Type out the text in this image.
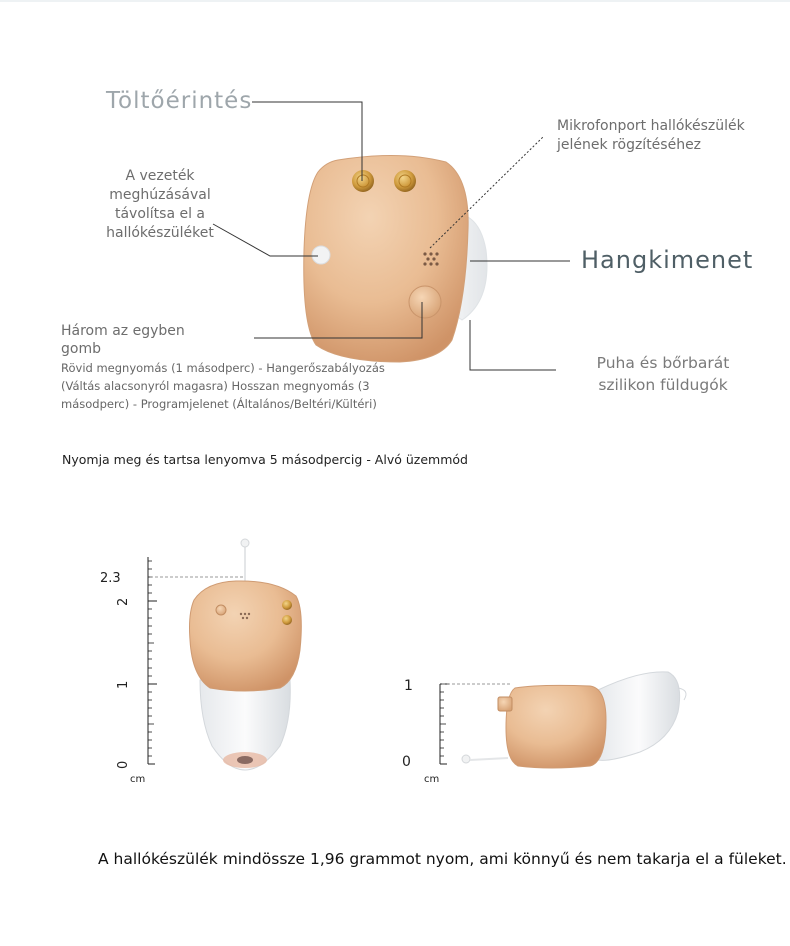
2.3
2
1
0
cm
1
0
cm
Töltőérintés
Mikrofonport hallókészülék jelének rögzítéséhez
A vezeték meghúzásával távolítsa el a hallókészüléket
Hangkimenet
Három az egyben gomb
Rövid megnyomás (1 másodperc) - Hangerőszabályozás (Váltás alacsonyról magasra) Hosszan megnyomás (3 másodperc) - Programjelenet (Általános/Beltéri/Kültéri)
Puha és bőrbarát szilikon füldugók
Nyomja meg és tartsa lenyomva 5 másodpercig - Alvó üzemmód
A hallókészülék mindössze 1,96 grammot nyom, ami könnyű és nem takarja el a füleket.
